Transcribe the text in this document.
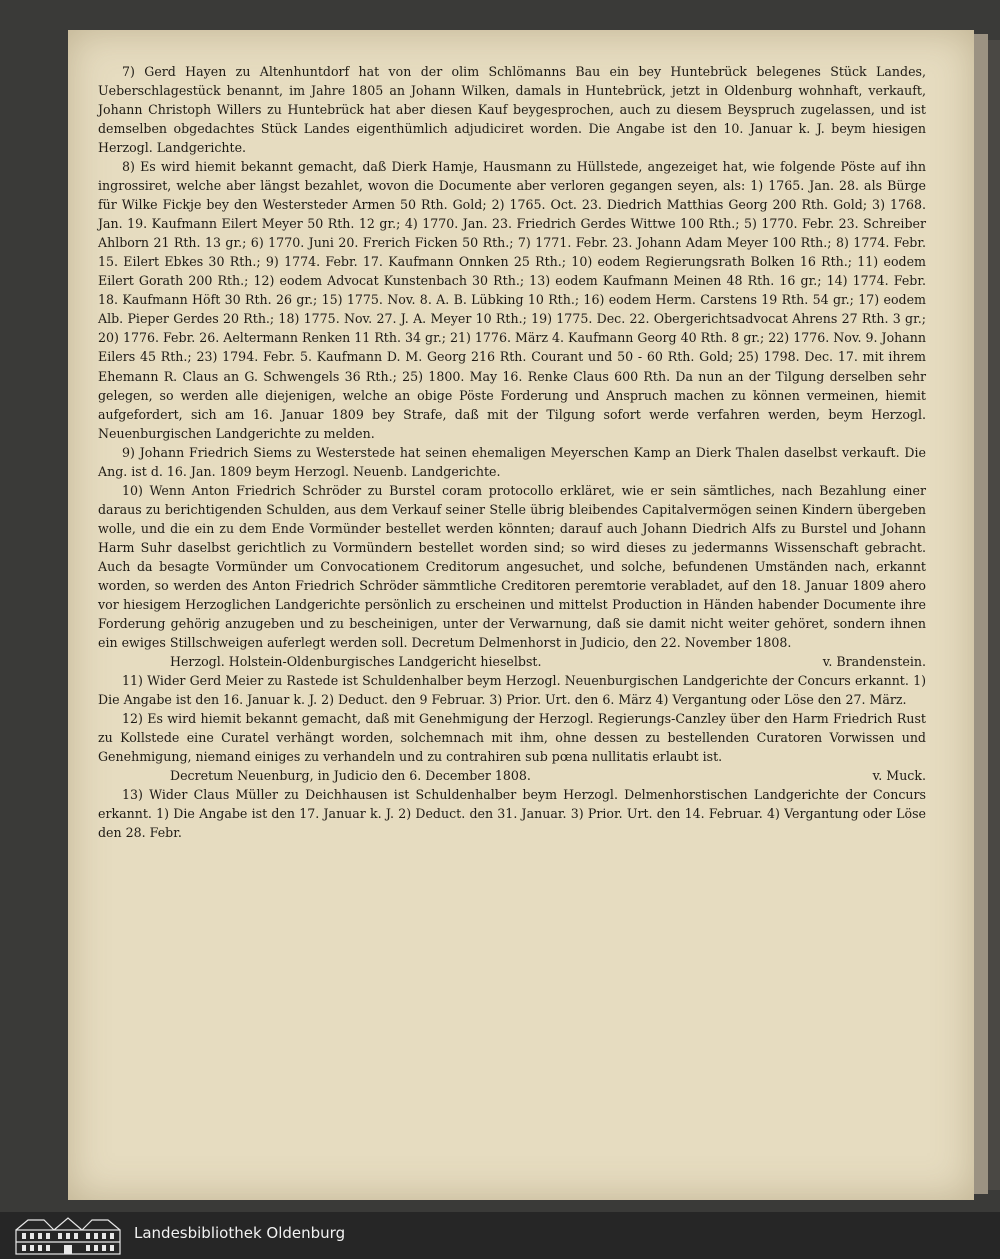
7) Gerd Hayen zu Altenhuntdorf hat von der olim Schlömanns Bau ein bey Huntebrück belegenes Stück Landes, Ueberschlagestück benannt, im Jahre 1805 an Johann Wilken, damals in Huntebrück, jetzt in Oldenburg wohnhaft, verkauft, Johann Christoph Willers zu Huntebrück hat aber diesen Kauf beygesprochen, auch zu diesem Beyspruch zugelassen, und ist demselben obgedachtes Stück Landes eigenthümlich adjudiciret worden. Die Angabe ist den 10. Januar k. J. beym hiesigen Herzogl. Landgerichte.

8) Es wird hiemit bekannt gemacht, daß Dierk Hamje, Hausmann zu Hüllstede, angezeiget hat, wie folgende Pöste auf ihn ingrossiret, welche aber längst bezahlet, wovon die Documente aber verloren gegangen seyen, als: 1) 1765. Jan. 28. als Bürge für Wilke Fickje bey den Westersteder Armen 50 Rth. Gold; 2) 1765. Oct. 23. Diedrich Matthias Georg 200 Rth. Gold; 3) 1768. Jan. 19. Kaufmann Eilert Meyer 50 Rth. 12 gr.; 4) 1770. Jan. 23. Friedrich Gerdes Wittwe 100 Rth.; 5) 1770. Febr. 23. Schreiber Ahlborn 21 Rth. 13 gr.; 6) 1770. Juni 20. Frerich Ficken 50 Rth.; 7) 1771. Febr. 23. Johann Adam Meyer 100 Rth.; 8) 1774. Febr. 15. Eilert Ebkes 30 Rth.; 9) 1774. Febr. 17. Kaufmann Onnken 25 Rth.; 10) eodem Regierungsrath Bolken 16 Rth.; 11) eodem Eilert Gorath 200 Rth.; 12) eodem Advocat Kunstenbach 30 Rth.; 13) eodem Kaufmann Meinen 48 Rth. 16 gr.; 14) 1774. Febr. 18. Kaufmann Höft 30 Rth. 26 gr.; 15) 1775. Nov. 8. A. B. Lübking 10 Rth.; 16) eodem Herm. Carstens 19 Rth. 54 gr.; 17) eodem Alb. Pieper Gerdes 20 Rth.; 18) 1775. Nov. 27. J. A. Meyer 10 Rth.; 19) 1775. Dec. 22. Obergerichtsadvocat Ahrens 27 Rth. 3 gr.; 20) 1776. Febr. 26. Aeltermann Renken 11 Rth. 34 gr.; 21) 1776. März 4. Kaufmann Georg 40 Rth. 8 gr.; 22) 1776. Nov. 9. Johann Eilers 45 Rth.; 23) 1794. Febr. 5. Kaufmann D. M. Georg 216 Rth. Courant und 50 - 60 Rth. Gold; 25) 1798. Dec. 17. mit ihrem Ehemann R. Claus an G. Schwengels 36 Rth.; 25) 1800. May 16. Renke Claus 600 Rth. Da nun an der Tilgung derselben sehr gelegen, so werden alle diejenigen, welche an obige Pöste Forderung und Anspruch machen zu können vermeinen, hiemit aufgefordert, sich am 16. Januar 1809 bey Strafe, daß mit der Tilgung sofort werde verfahren werden, beym Herzogl. Neuenburgischen Landgerichte zu melden.

9) Johann Friedrich Siems zu Westerstede hat seinen ehemaligen Meyerschen Kamp an Dierk Thalen daselbst verkauft. Die Ang. ist d. 16. Jan. 1809 beym Herzogl. Neuenb. Landgerichte.

10) Wenn Anton Friedrich Schröder zu Burstel coram protocollo erkläret, wie er sein sämtliches, nach Bezahlung einer daraus zu berichtigenden Schulden, aus dem Verkauf seiner Stelle übrig bleibendes Capitalvermögen seinen Kindern übergeben wolle, und die ein zu dem Ende Vormünder bestellet werden könnten; darauf auch Johann Diedrich Alfs zu Burstel und Johann Harm Suhr daselbst gerichtlich zu Vormündern bestellet worden sind; so wird dieses zu jedermanns Wissenschaft gebracht. Auch da besagte Vormünder um Convocationem Creditorum angesuchet, und solche, befundenen Umständen nach, erkannt worden, so werden des Anton Friedrich Schröder sämmtliche Creditoren peremtorie verabladet, auf den 18. Januar 1809 ahero vor hiesigem Herzoglichen Landgerichte persönlich zu erscheinen und mittelst Production in Händen habender Documente ihre Forderung gehörig anzugeben und zu bescheinigen, unter der Verwarnung, daß sie damit nicht weiter gehöret, sondern ihnen ein ewiges Stillschweigen auferlegt werden soll. Decretum Delmenhorst in Judicio, den 22. November 1808.

Herzogl. Holstein-Oldenburgisches Landgericht hieselbst.	v. Brandenstein.

11) Wider Gerd Meier zu Rastede ist Schuldenhalber beym Herzogl. Neuenburgischen Landgerichte der Concurs erkannt. 1) Die Angabe ist den 16. Januar k. J. 2) Deduct. den 9 Februar. 3) Prior. Urt. den 6. März 4) Vergantung oder Löse den 27. März.

12) Es wird hiemit bekannt gemacht, daß mit Genehmigung der Herzogl. Regierungs-Canzley über den Harm Friedrich Rust zu Kollstede eine Curatel verhängt worden, solchemnach mit ihm, ohne dessen zu bestellenden Curatoren Vorwissen und Genehmigung, niemand einiges zu verhandeln und zu contrahiren sub pœna nullitatis erlaubt ist.

Decretum Neuenburg, in Judicio den 6. December 1808.	v. Muck.

13) Wider Claus Müller zu Deichhausen ist Schuldenhalber beym Herzogl. Delmenhorstischen Landgerichte der Concurs erkannt. 1) Die Angabe ist den 17. Januar k. J. 2) Deduct. den 31. Januar. 3) Prior. Urt. den 14. Februar. 4) Vergantung oder Löse den 28. Febr.

Landesbibliothek Oldenburg
